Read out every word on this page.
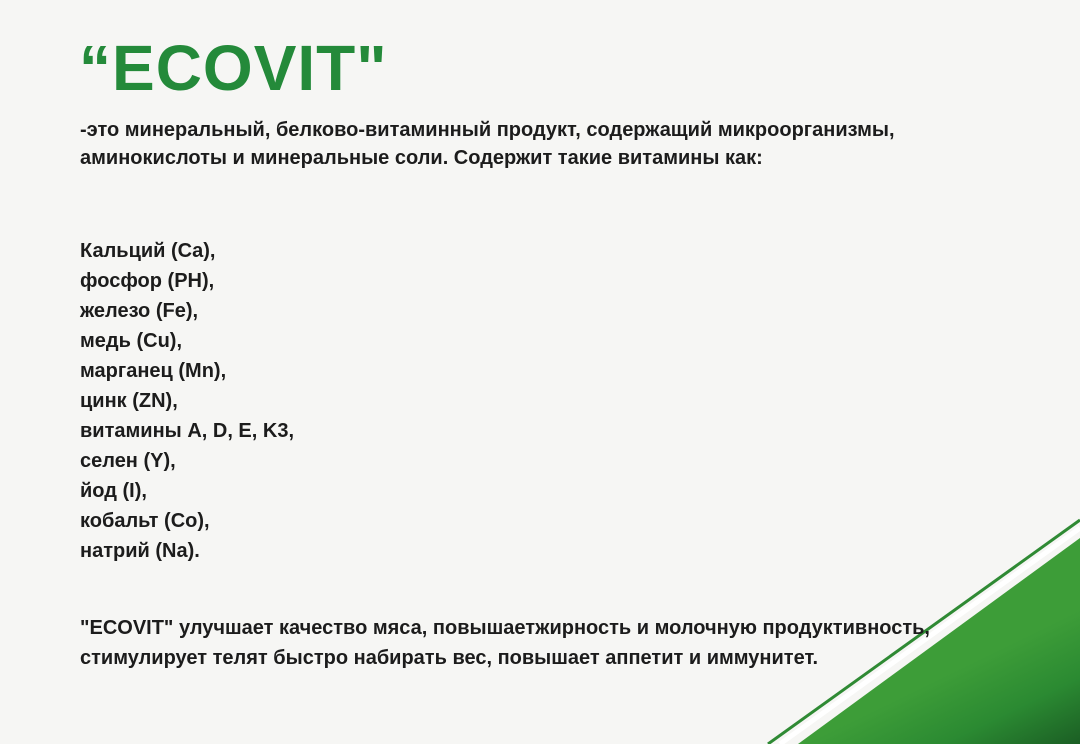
“ECOVIT"

-это минеральный, белково-витаминный продукт, содержащий микроорганизмы, аминокислоты и минеральные соли. Содержит такие витамины как:

Кальций (Ca),
фосфор (PH),
железо (Fe),
медь (Cu),
марганец (Mn),
цинк (ZN),
витамины A, D, E, K3,
селен (Y),
йод (I),
кобальт (Co),
натрий (Na).

"ECOVIT" улучшает качество мяса, повышаетжирность и молочную продуктивность, стимулирует телят быстро набирать вес, повышает аппетит и иммунитет.
